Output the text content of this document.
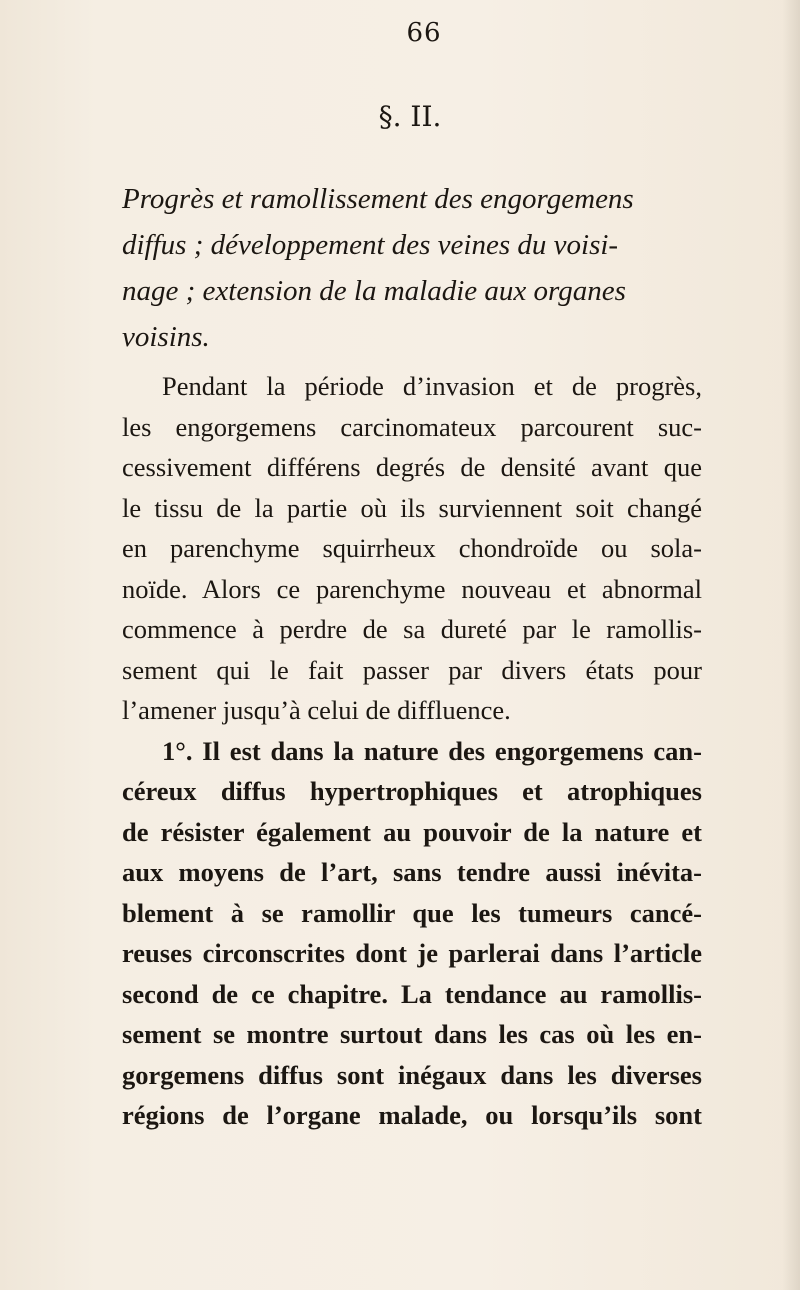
66
§. II.
Progrès et ramollissement des engorgemens
diffus ; développement des veines du voisi-
nage ; extension de la maladie aux organes
voisins.
Pendant la période d’invasion et de progrès,
les engorgemens carcinomateux parcourent suc-
cessivement différens degrés de densité avant que
le tissu de la partie où ils surviennent soit changé
en parenchyme squirrheux chondroïde ou sola-
noïde. Alors ce parenchyme nouveau et abnormal
commence à perdre de sa dureté par le ramollis-
sement qui le fait passer par divers états pour
l’amener jusqu’à celui de diffluence.
1°. Il est dans la nature des engorgemens can-
céreux diffus hypertrophiques et atrophiques
de résister également au pouvoir de la nature et
aux moyens de l’art, sans tendre aussi inévita-
blement à se ramollir que les tumeurs cancé-
reuses circonscrites dont je parlerai dans l’article
second de ce chapitre. La tendance au ramollis-
sement se montre surtout dans les cas où les en-
gorgemens diffus sont inégaux dans les diverses
régions de l’organe malade, ou lorsqu’ils sont
